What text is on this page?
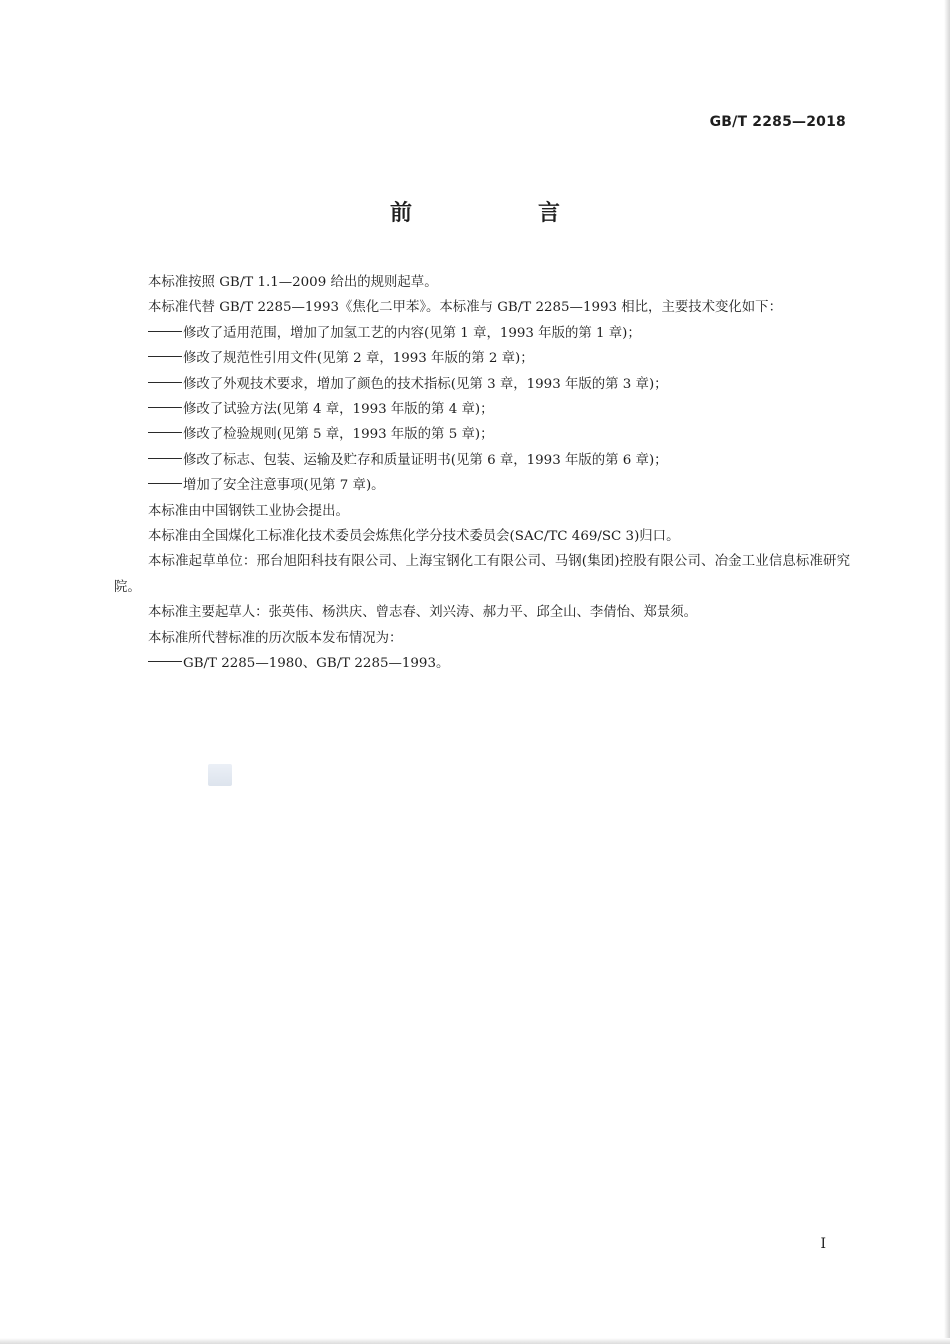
GB/T 2285—2018
前　言

本标准按照 GB/T 1.1—2009 给出的规则起草。

本标准代替 GB/T 2285—1993《焦化二甲苯》。本标准与 GB/T 2285—1993 相比，主要技术变化如下：

修改了适用范围，增加了加氢工艺的内容(见第 1 章，1993 年版的第 1 章)；

修改了规范性引用文件(见第 2 章，1993 年版的第 2 章)；

修改了外观技术要求，增加了颜色的技术指标(见第 3 章，1993 年版的第 3 章)；

修改了试验方法(见第 4 章，1993 年版的第 4 章)；

修改了检验规则(见第 5 章，1993 年版的第 5 章)；

修改了标志、包装、运输及贮存和质量证明书(见第 6 章，1993 年版的第 6 章)；

增加了安全注意事项(见第 7 章)。

本标准由中国钢铁工业协会提出。

本标准由全国煤化工标准化技术委员会炼焦化学分技术委员会(SAC/TC 469/SC 3)归口。

本标准起草单位：邢台旭阳科技有限公司、上海宝钢化工有限公司、马钢(集团)控股有限公司、冶金工业信息标准研究院。

本标准主要起草人：张英伟、杨洪庆、曾志春、刘兴涛、郝力平、邱全山、李倩怡、郑景须。

本标准所代替标准的历次版本发布情况为：

GB/T 2285—1980、GB/T 2285—1993。

I
